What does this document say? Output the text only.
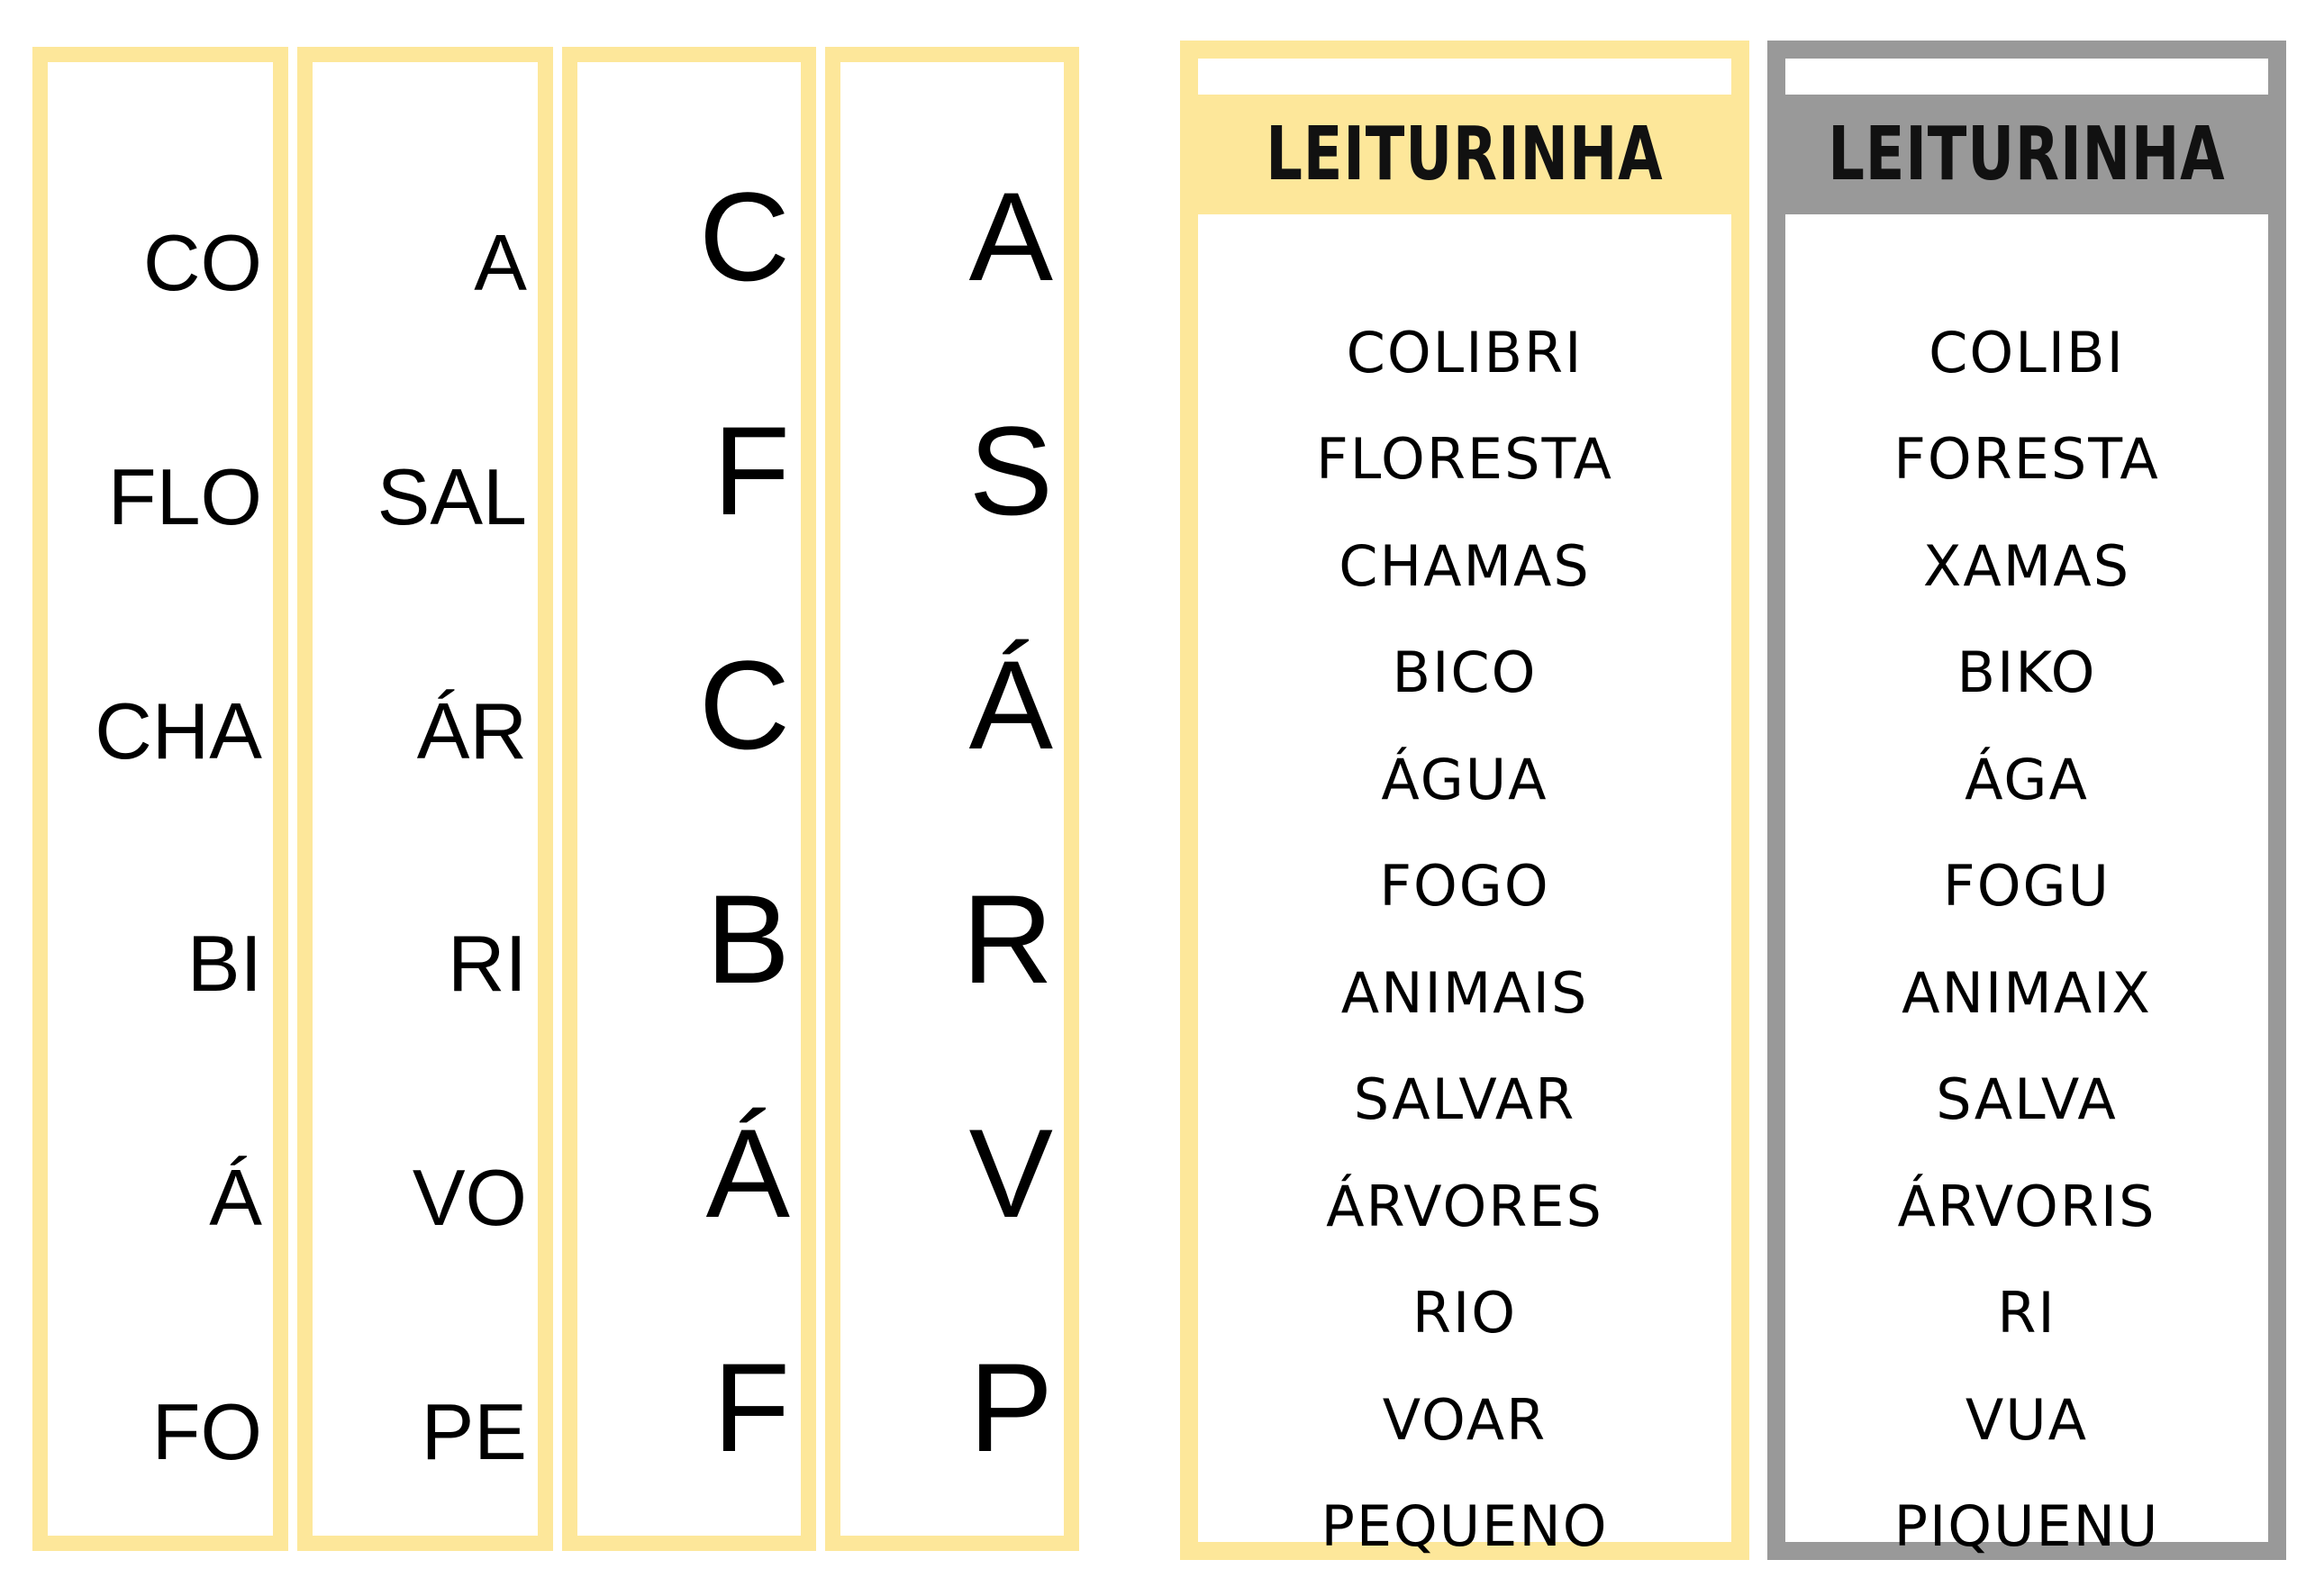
CO
FLO
CHA
BI
Á
FO
A
SAL
ÁR
RI
VO
PE
C
F
C
B
Á
F
A
S
Á
R
V
P
LEITURINHA
COLIBRI
FLORESTA
CHAMAS
BICO
ÁGUA
FOGO
ANIMAIS
SALVAR
ÁRVORES
RIO
VOAR
PEQUENO
LEITURINHA
COLIBI
FORESTA
XAMAS
BIKO
ÁGA
FOGU
ANIMAIX
SALVA
ÁRVORIS
RI
VUA
PIQUENU
